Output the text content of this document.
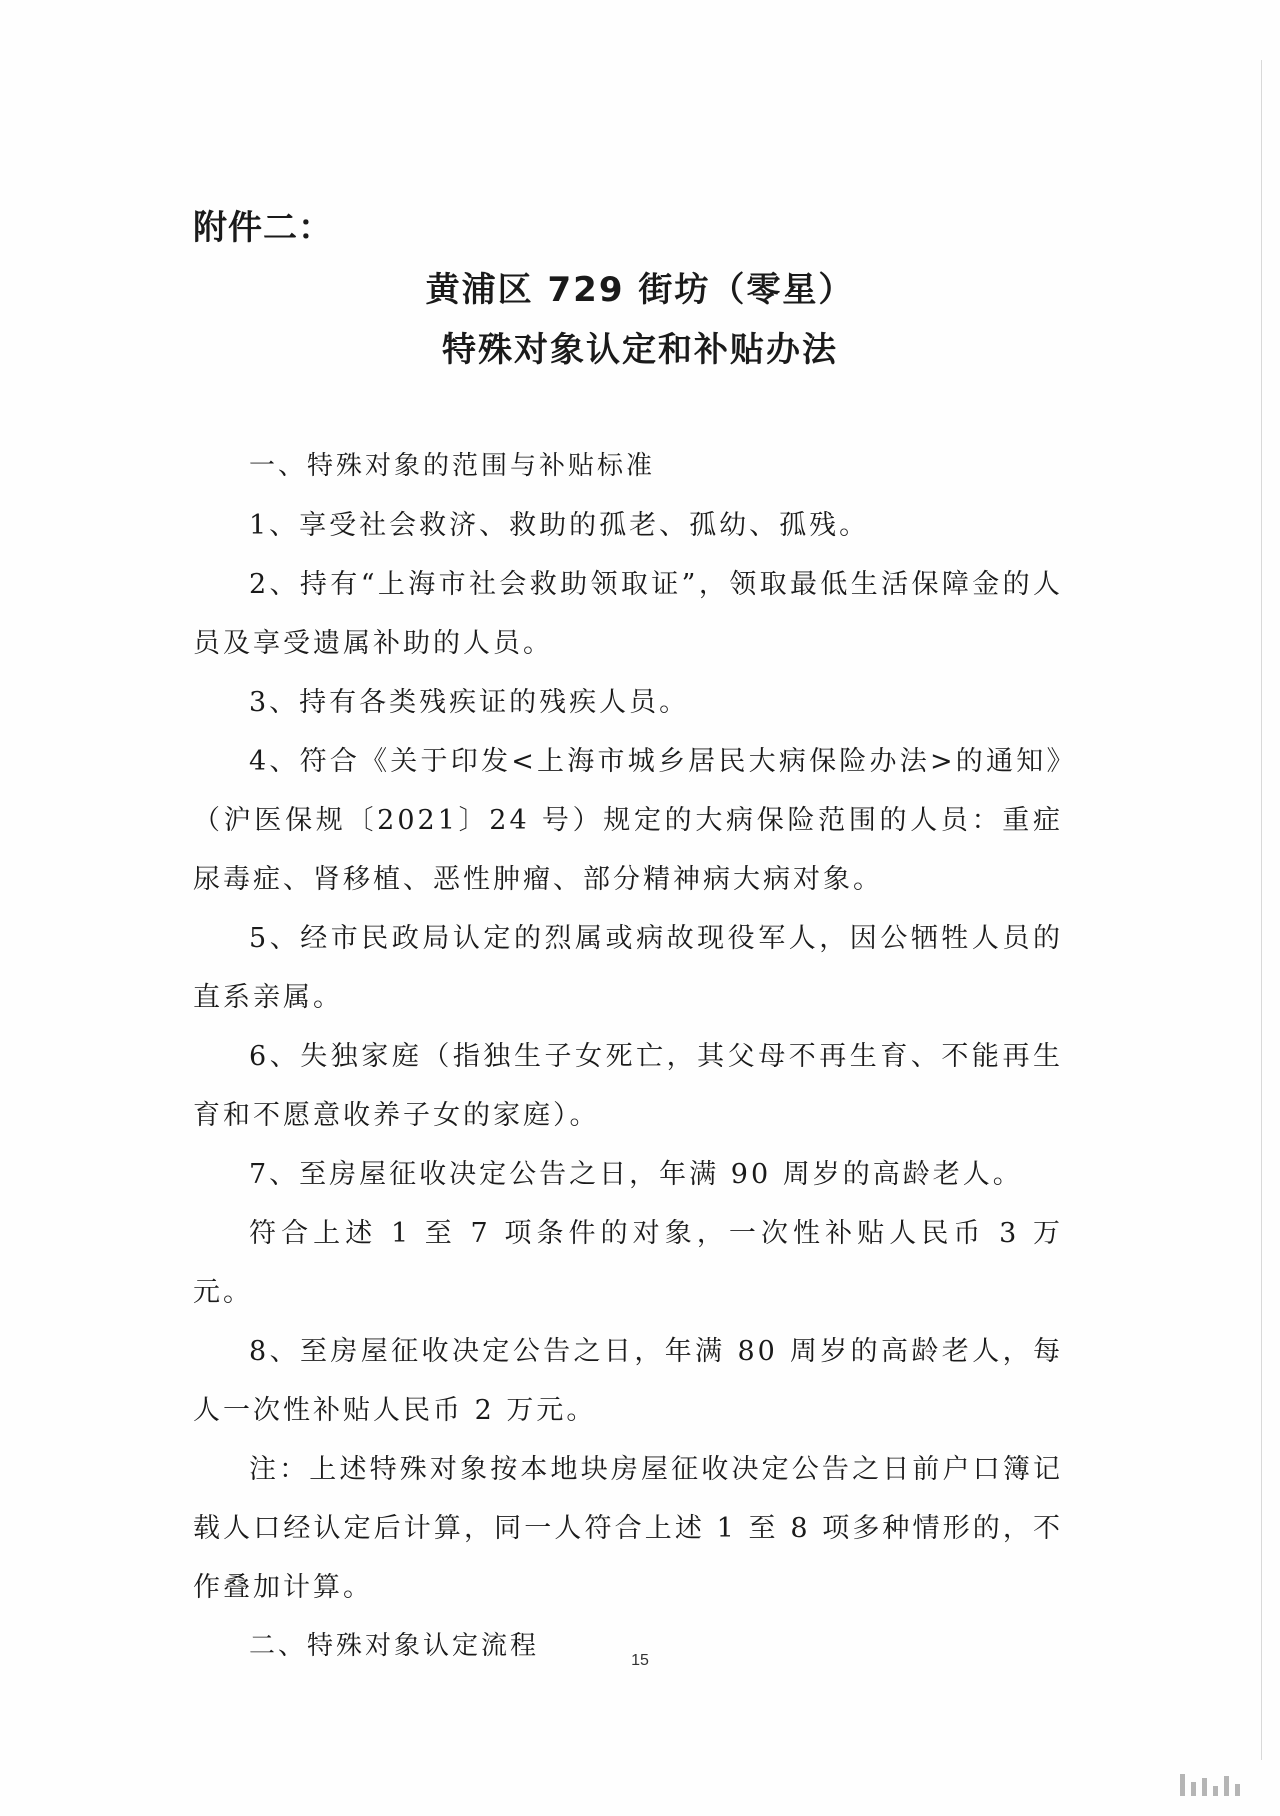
附件二：
黄浦区 729 街坊（零星）
特殊对象认定和补贴办法

一、特殊对象的范围与补贴标准

1、享受社会救济、救助的孤老、孤幼、孤残。

2、持有“上海市社会救助领取证”，领取最低生活保障金的人员及享受遗属补助的人员。

3、持有各类残疾证的残疾人员。

4、符合《关于印发<上海市城乡居民大病保险办法>的通知》（沪医保规〔2021〕24 号）规定的大病保险范围的人员：重症尿毒症、肾移植、恶性肿瘤、部分精神病大病对象。

5、经市民政局认定的烈属或病故现役军人，因公牺牲人员的直系亲属。

6、失独家庭（指独生子女死亡，其父母不再生育、不能再生育和不愿意收养子女的家庭）。

7、至房屋征收决定公告之日，年满 90 周岁的高龄老人。

符合上述 1 至 7 项条件的对象，一次性补贴人民币 3 万元。

8、至房屋征收决定公告之日，年满 80 周岁的高龄老人，每人一次性补贴人民币 2 万元。

注：上述特殊对象按本地块房屋征收决定公告之日前户口簿记载人口经认定后计算，同一人符合上述 1 至 8 项多种情形的，不作叠加计算。

二、特殊对象认定流程	15
